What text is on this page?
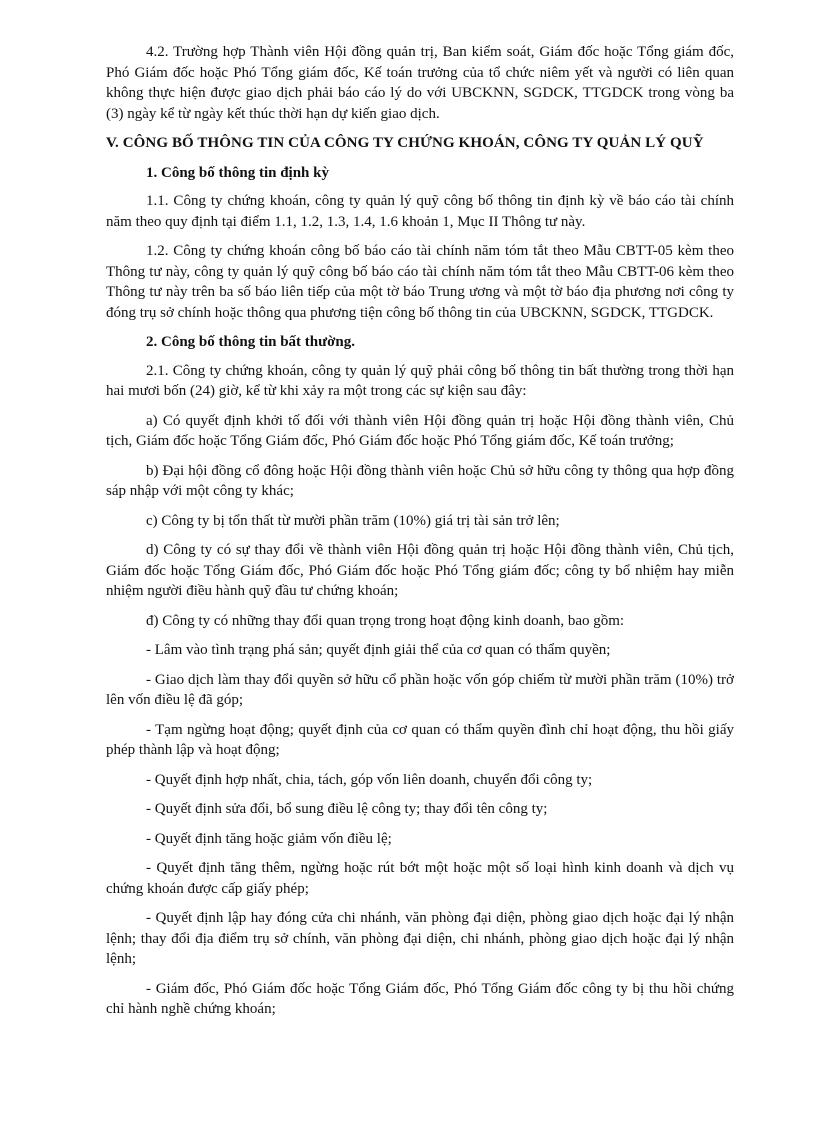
4.2. Trường hợp Thành viên Hội đồng quản trị, Ban kiểm soát, Giám đốc hoặc Tổng giám đốc, Phó Giám đốc hoặc Phó Tổng giám đốc, Kế toán trưởng của tổ chức niêm yết và người có liên quan không thực hiện được giao dịch phải báo cáo lý do với UBCKNN, SGDCK, TTGDCK trong vòng ba (3) ngày kể từ ngày kết thúc thời hạn dự kiến giao dịch.

V. CÔNG BỐ THÔNG TIN CỦA CÔNG TY CHỨNG KHOÁN, CÔNG TY QUẢN LÝ QUỸ

1. Công bố thông tin định kỳ

1.1. Công ty chứng khoán, công ty quản lý quỹ công bố thông tin định kỳ về báo cáo tài chính năm theo quy định tại điểm 1.1, 1.2, 1.3, 1.4, 1.6 khoản 1, Mục II Thông tư này.

1.2. Công ty chứng khoán công bố báo cáo tài chính năm tóm tắt theo Mẫu CBTT-05 kèm theo Thông tư này, công ty quản lý quỹ công bố báo cáo tài chính năm tóm tắt theo Mẫu CBTT-06 kèm theo Thông tư này trên ba số báo liên tiếp của một tờ báo Trung ương và một tờ báo địa phương nơi công ty đóng trụ sở chính hoặc thông qua phương tiện công bố thông tin của UBCKNN, SGDCK, TTGDCK.

2. Công bố thông tin bất thường.

2.1. Công ty chứng khoán, công ty quản lý quỹ phải công bố thông tin bất thường trong thời hạn hai mươi bốn (24) giờ, kể từ khi xảy ra một trong các sự kiện sau đây:

a) Có quyết định khởi tố đối với thành viên Hội đồng quản trị hoặc Hội đồng thành viên, Chủ tịch, Giám đốc hoặc Tổng Giám đốc, Phó Giám đốc hoặc Phó Tổng giám đốc, Kế toán trưởng;

b) Đại hội đồng cổ đông hoặc Hội đồng thành viên hoặc Chủ sở hữu công ty thông qua hợp đồng sáp nhập với một công ty khác;

c) Công ty bị tổn thất từ mười phần trăm (10%) giá trị tài sản trở lên;

d) Công ty có sự thay đổi về thành viên Hội đồng quản trị hoặc Hội đồng thành viên, Chủ tịch, Giám đốc hoặc Tổng Giám đốc, Phó Giám đốc hoặc Phó Tổng giám đốc; công ty bổ nhiệm hay miễn nhiệm người điều hành quỹ đầu tư chứng khoán;

đ) Công ty có những thay đổi quan trọng trong hoạt động kinh doanh, bao gồm:

- Lâm vào tình trạng phá sản; quyết định giải thể của cơ quan có thẩm quyền;

- Giao dịch làm thay đổi quyền sở hữu cổ phần hoặc vốn góp chiếm từ mười phần trăm (10%) trở lên vốn điều lệ đã góp;

- Tạm ngừng hoạt động; quyết định của cơ quan có thẩm quyền đình chỉ hoạt động, thu hồi giấy phép thành lập và hoạt động;

- Quyết định hợp nhất, chia, tách, góp vốn liên doanh, chuyển đổi công ty;

- Quyết định sửa đổi, bổ sung điều lệ công ty; thay đổi tên công ty;

- Quyết định tăng hoặc giảm vốn điều lệ;

- Quyết định tăng thêm, ngừng hoặc rút bớt một hoặc một số loại hình kinh doanh và dịch vụ chứng khoán được cấp giấy phép;

- Quyết định lập hay đóng cửa chi nhánh, văn phòng đại diện, phòng giao dịch hoặc đại lý nhận lệnh; thay đổi địa điểm trụ sở chính, văn phòng đại diện, chi nhánh, phòng giao dịch hoặc đại lý nhận lệnh;

- Giám đốc, Phó Giám đốc hoặc Tổng Giám đốc, Phó Tổng Giám đốc công ty bị thu hồi chứng chỉ hành nghề chứng khoán;
